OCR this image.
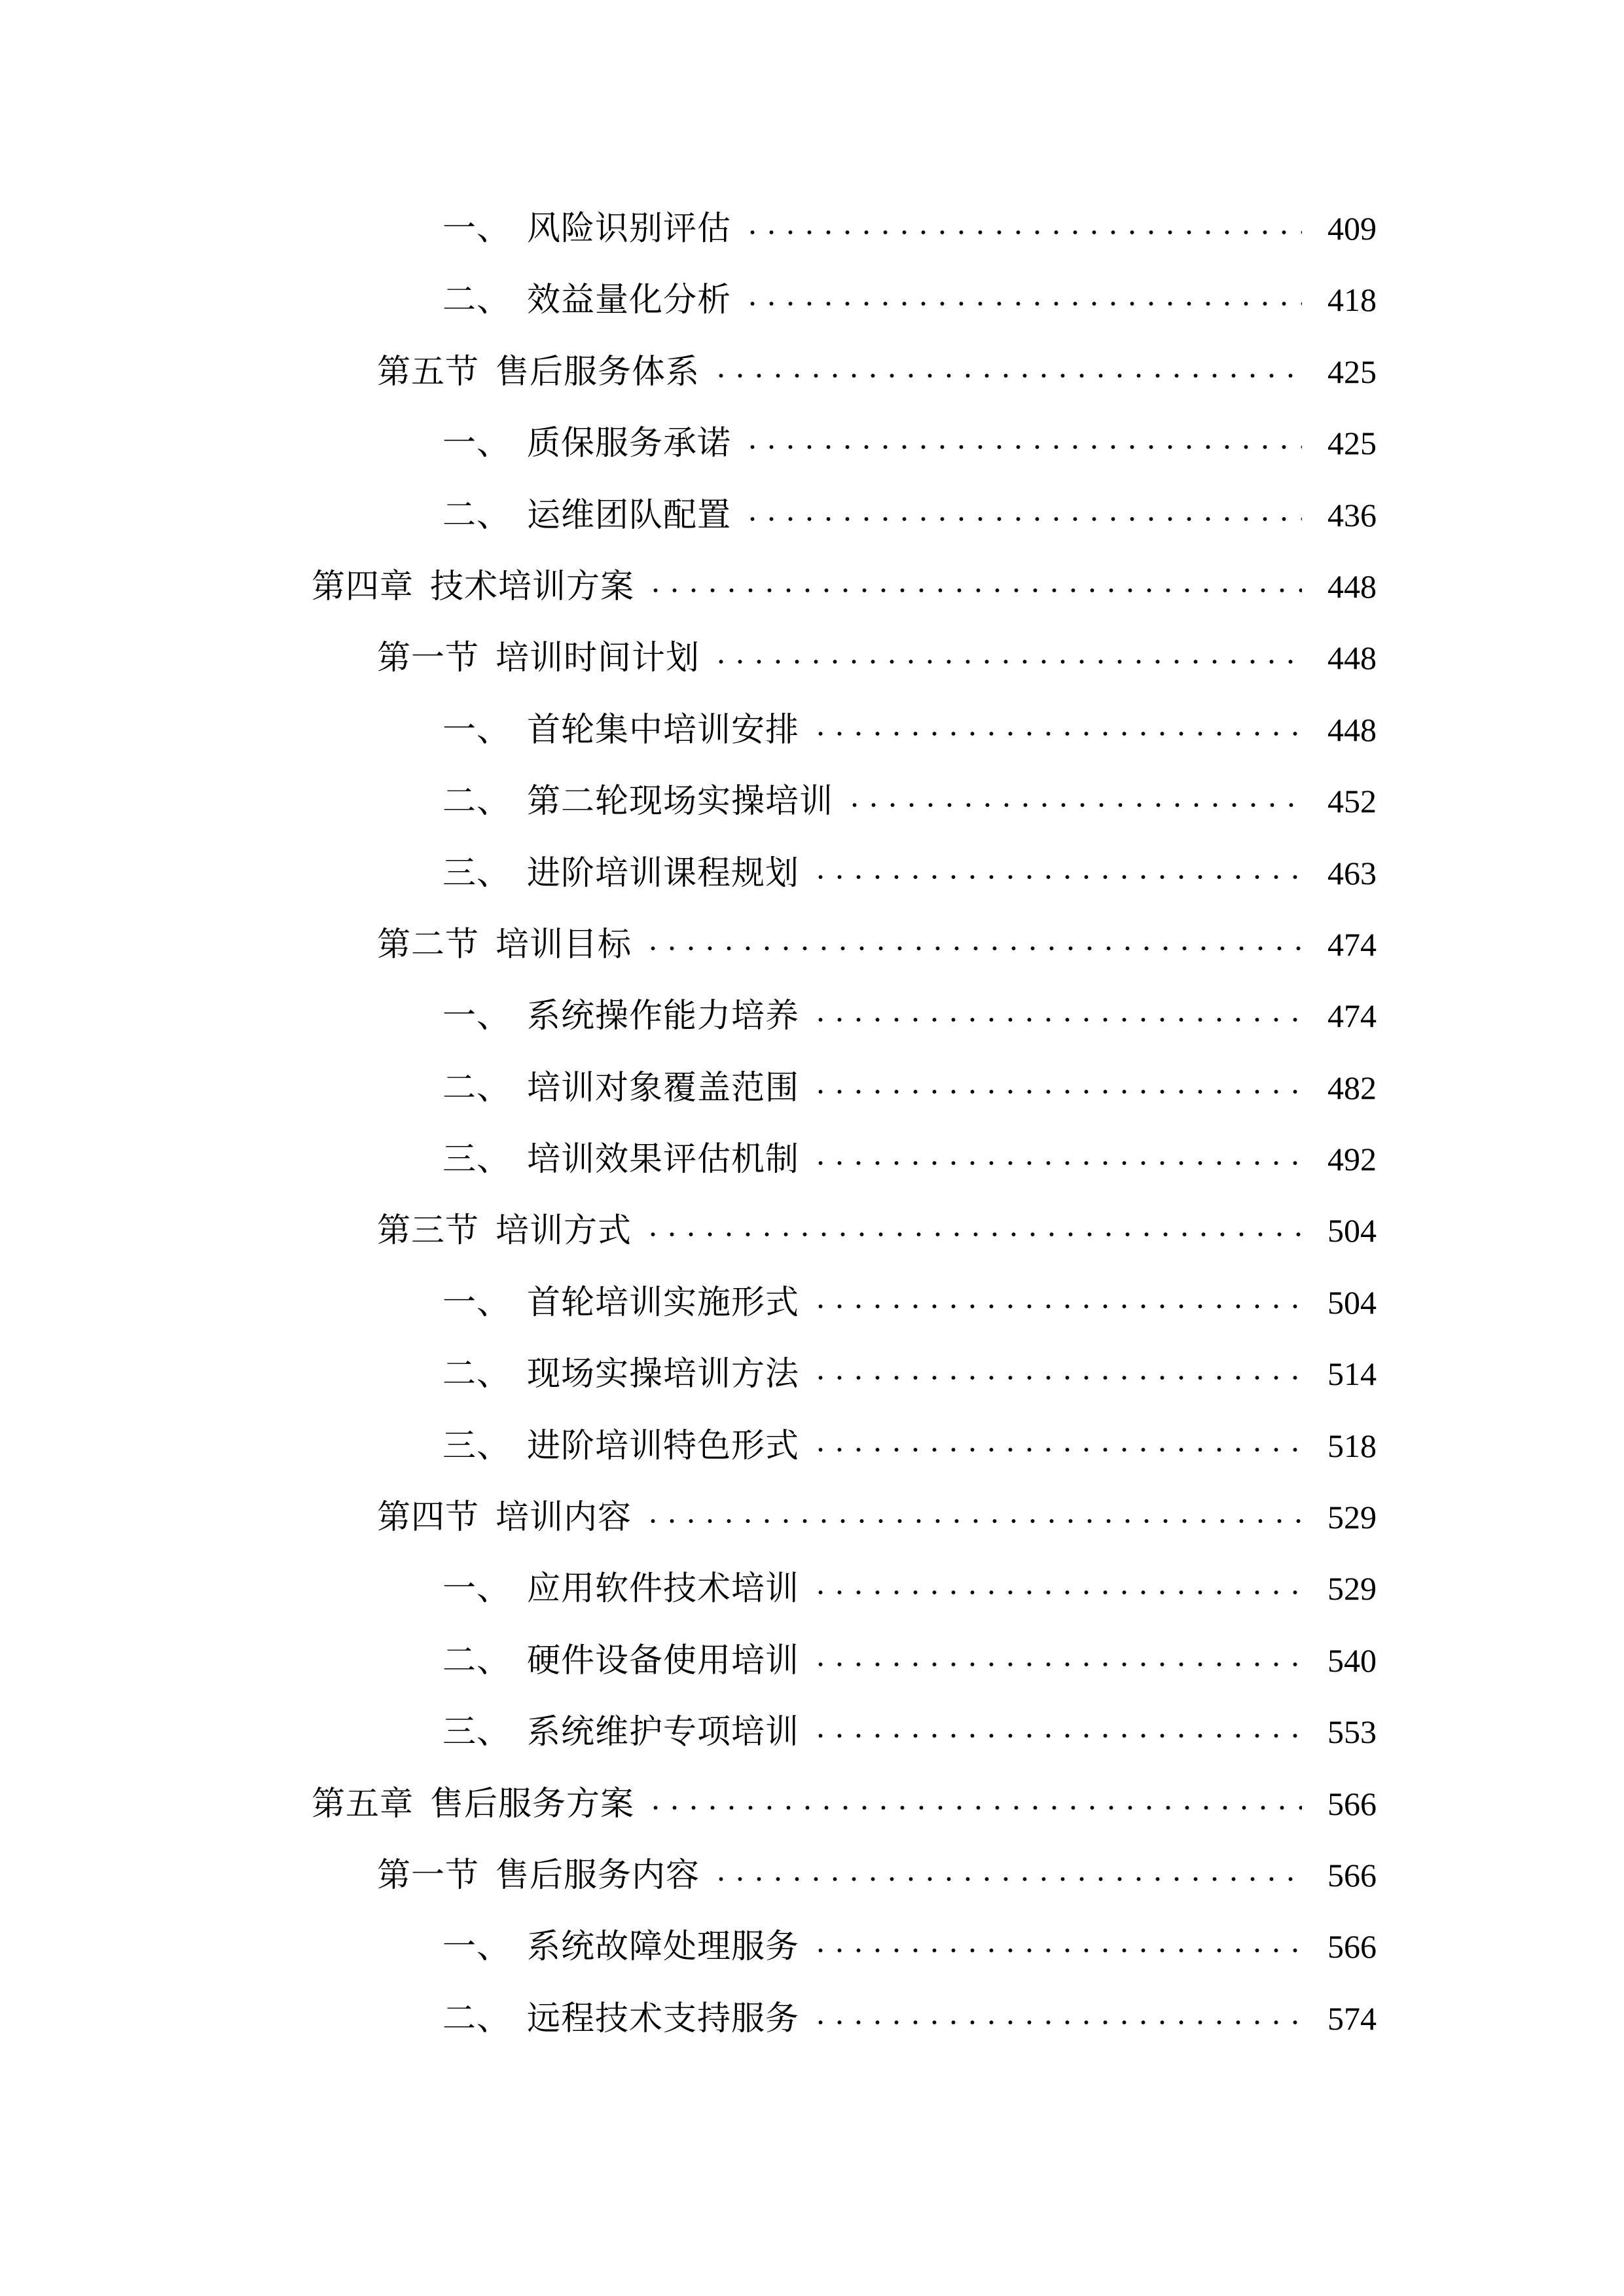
一、 风险识别评估	409
二、 效益量化分析	418
第五节 售后服务体系	425
一、 质保服务承诺	425
二、 运维团队配置	436
第四章 技术培训方案	448
第一节 培训时间计划	448
一、 首轮集中培训安排	448
二、 第二轮现场实操培训	452
三、 进阶培训课程规划	463
第二节 培训目标	474
一、 系统操作能力培养	474
二、 培训对象覆盖范围	482
三、 培训效果评估机制	492
第三节 培训方式	504
一、 首轮培训实施形式	504
二、 现场实操培训方法	514
三、 进阶培训特色形式	518
第四节 培训内容	529
一、 应用软件技术培训	529
二、 硬件设备使用培训	540
三、 系统维护专项培训	553
第五章 售后服务方案	566
第一节 售后服务内容	566
一、 系统故障处理服务	566
二、 远程技术支持服务	574
